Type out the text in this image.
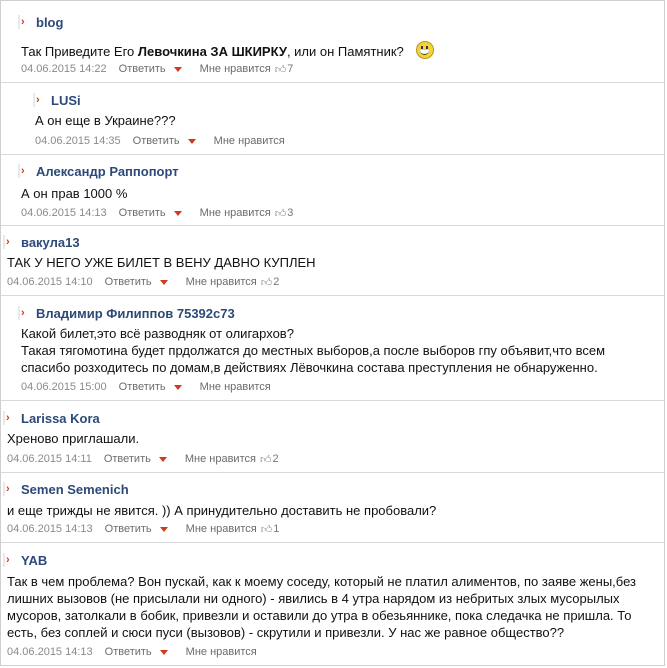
› blog
Так Приведите Его Левочкина ЗА ШКИРКУ, или он Памятник?
04.06.2015 14:22 Ответить	Мне нравится 👍︎ 7
› LUSi
А он еще в Украине???
04.06.2015 14:35 Ответить	Мне нравится
› Александр Раппопорт
А он прав 1000 %
04.06.2015 14:13 Ответить	Мне нравится 👍︎ 3
› вакула13
ТАК У НЕГО УЖЕ БИЛЕТ В ВЕНУ ДАВНО КУПЛЕН
04.06.2015 14:10 Ответить	Мне нравится 👍︎ 2
› Владимир Филиппов 75392с73
Какой билет,это всё разводняк от олигархов?
Такая тягомотина будет прдолжатся до местных выборов,а после выборов гпу объявит,что всем
спасибо розходитесь по домам,в действиях Лёвочкина состава преступления не обнаруженно.
04.06.2015 15:00 Ответить	Мне нравится
› Larissa Kora
Хреново приглашали.
04.06.2015 14:11 Ответить	Мне нравится 👍︎ 2
› Semen Semenich
и еще трижды не явится. )) А принудительно доставить не пробовали?
04.06.2015 14:13 Ответить	Мне нравится 👍︎ 1
› YAB
Так в чем проблема? Вон пускай, как к моему соседу, который не платил алиментов, по заяве жены,без
лишних вызовов (не присылали ни одного) - явились в 4 утра нарядом из небритых злых мусорылых
мусоров, затолкали в бобик, привезли и оставили до утра в обезьяннике, пока следачка не пришла. То
есть, без соплей и сюси пуси (вызовов) - скрутили и привезли. У нас же равное общество??
04.06.2015 14:13 Ответить	Мне нравится
